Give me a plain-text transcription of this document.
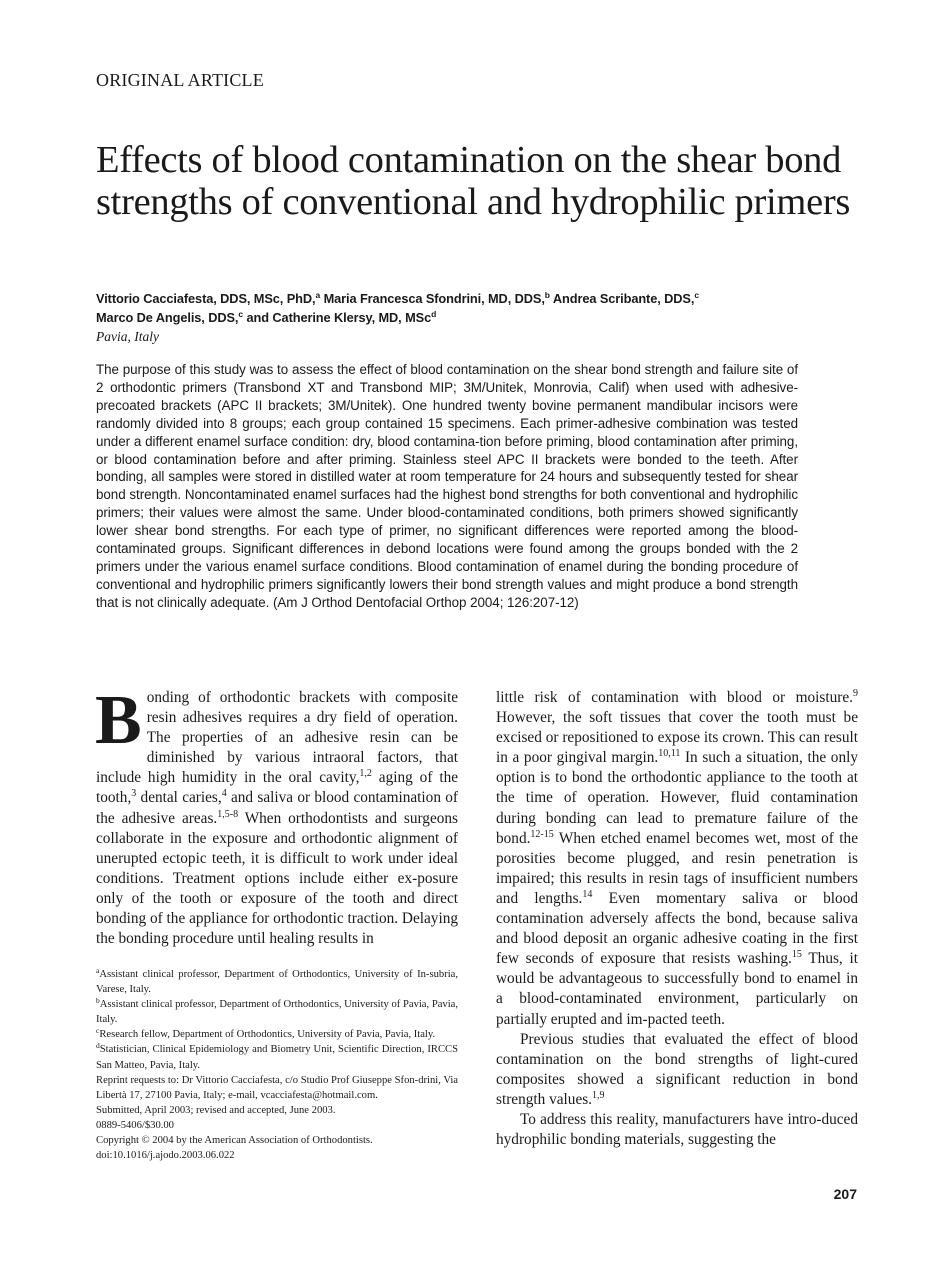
ORIGINAL ARTICLE
Effects of blood contamination on the shear bond strengths of conventional and hydrophilic primers
Vittorio Cacciafesta, DDS, MSc, PhD,$^a$ Maria Francesca Sfondrini, MD, DDS,$^b$ Andrea Scribante, DDS,$^c$
Marco De Angelis, DDS,$^c$ and Catherine Klersy, MD, MSc$^d$
Pavia, Italy
The purpose of this study was to assess the effect of blood contamination on the shear bond strength and failure site of 2 orthodontic primers (Transbond XT and Transbond MIP; 3M/Unitek, Monrovia, Calif) when used with adhesive-precoated brackets (APC II brackets; 3M/Unitek). One hundred twenty bovine permanent mandibular incisors were randomly divided into 8 groups; each group contained 15 specimens. Each primer-adhesive combination was tested under a different enamel surface condition: dry, blood contamina-tion before priming, blood contamination after priming, or blood contamination before and after priming. Stainless steel APC II brackets were bonded to the teeth. After bonding, all samples were stored in distilled water at room temperature for 24 hours and subsequently tested for shear bond strength. Noncontaminated enamel surfaces had the highest bond strengths for both conventional and hydrophilic primers; their values were almost the same. Under blood-contaminated conditions, both primers showed significantly lower shear bond strengths. For each type of primer, no significant differences were reported among the blood-contaminated groups. Significant differences in debond locations were found among the groups bonded with the 2 primers under the various enamel surface conditions. Blood contamination of enamel during the bonding procedure of conventional and hydrophilic primers significantly lowers their bond strength values and might produce a bond strength that is not clinically adequate. (Am J Orthod Dentofacial Orthop 2004; 126:207-12)

Bonding of orthodontic brackets with composite resin adhesives requires a dry field of operation. The properties of an adhesive resin can be diminished by various intraoral factors, that include high humidity in the oral cavity,$^{1,2}$ aging of the tooth,$^3$ dental caries,$^4$ and saliva or blood contamination of the adhesive areas.$^{1,5-8}$ When orthodontists and surgeons collaborate in the exposure and orthodontic alignment of unerupted ectopic teeth, it is difficult to work under ideal conditions. Treatment options include either ex-posure only of the tooth or exposure of the tooth and direct bonding of the appliance for orthodontic traction. Delaying the bonding procedure until healing results in

little risk of contamination with blood or moisture.$^9$ However, the soft tissues that cover the tooth must be excised or repositioned to expose its crown. This can result in a poor gingival margin.$^{10,11}$ In such a situation, the only option is to bond the orthodontic appliance to the tooth at the time of operation. However, fluid contamination during bonding can lead to premature failure of the bond.$^{12-15}$ When etched enamel becomes wet, most of the porosities become plugged, and resin penetration is impaired; this results in resin tags of insufficient numbers and lengths.$^{14}$ Even momentary saliva or blood contamination adversely affects the bond, because saliva and blood deposit an organic adhesive coating in the first few seconds of exposure that resists washing.$^{15}$ Thus, it would be advantageous to successfully bond to enamel in a blood-contaminated environment, particularly on partially erupted and im-pacted teeth.

Previous studies that evaluated the effect of blood contamination on the bond strengths of light-cured composites showed a significant reduction in bond strength values.$^{1,9}$

To address this reality, manufacturers have intro-duced hydrophilic bonding materials, suggesting the

$^a$Assistant clinical professor, Department of Orthodontics, University of In-subria, Varese, Italy.
$^b$Assistant clinical professor, Department of Orthodontics, University of Pavia, Pavia, Italy.
$^c$Research fellow, Department of Orthodontics, University of Pavia, Pavia, Italy.
$^d$Statistician, Clinical Epidemiology and Biometry Unit, Scientific Direction, IRCCS San Matteo, Pavia, Italy.
Reprint requests to: Dr Vittorio Cacciafesta, c/o Studio Prof Giuseppe Sfon-drini, Via Libertà 17, 27100 Pavia, Italy; e-mail, vcacciafesta@hotmail.com.
Submitted, April 2003; revised and accepted, June 2003.
0889-5406/$30.00
Copyright © 2004 by the American Association of Orthodontists.
doi:10.1016/j.ajodo.2003.06.022
207
